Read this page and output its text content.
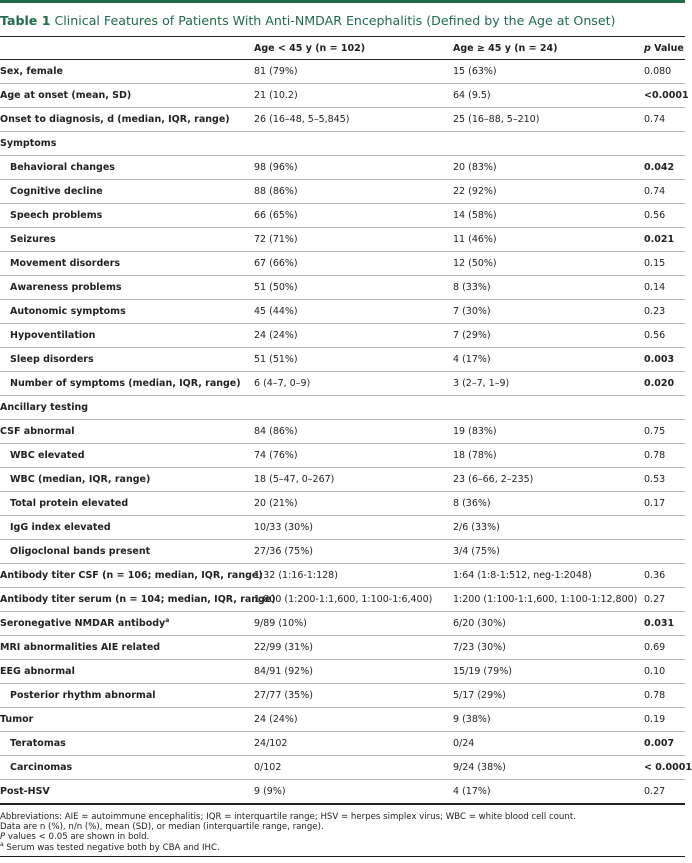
Table 1 Clinical Features of Patients With Anti-NMDAR Encephalitis (Defined by the Age at Onset)
	Age < 45 y (n = 102)	Age ≥ 45 y (n = 24)	p Value
Sex, female	81 (79%)	15 (63%)	0.080
Age at onset (mean, SD)	21 (10.2)	64 (9.5)	<0.0001
Onset to diagnosis, d (median, IQR, range)	26 (16–48, 5–5,845)	25 (16–88, 5–210)	0.74
Symptoms			
Behavioral changes	98 (96%)	20 (83%)	0.042
Cognitive decline	88 (86%)	22 (92%)	0.74
Speech problems	66 (65%)	14 (58%)	0.56
Seizures	72 (71%)	11 (46%)	0.021
Movement disorders	67 (66%)	12 (50%)	0.15
Awareness problems	51 (50%)	8 (33%)	0.14
Autonomic symptoms	45 (44%)	7 (30%)	0.23
Hypoventilation	24 (24%)	7 (29%)	0.56
Sleep disorders	51 (51%)	4 (17%)	0.003
Number of symptoms (median, IQR, range)	6 (4–7, 0–9)	3 (2–7, 1–9)	0.020
Ancillary testing			
CSF abnormal	84 (86%)	19 (83%)	0.75
WBC elevated	74 (76%)	18 (78%)	0.78
WBC (median, IQR, range)	18 (5–47, 0–267)	23 (6–66, 2–235)	0.53
Total protein elevated	20 (21%)	8 (36%)	0.17
IgG index elevated	10/33 (30%)	2/6 (33%)	
Oligoclonal bands present	27/36 (75%)	3/4 (75%)	
Antibody titer CSF (n = 106; median, IQR, range)	1:32 (1:16-1:128)	1:64 (1:8-1:512, neg-1:2048)	0.36
Antibody titer serum (n = 104; median, IQR, range)	1:800 (1:200-1:1,600, 1:100-1:6,400)	1:200 (1:100-1:1,600, 1:100-1:12,800)	0.27
Seronegative NMDAR antibody$^a$	9/89 (10%)	6/20 (30%)	0.031
MRI abnormalities AIE related	22/99 (31%)	7/23 (30%)	0.69
EEG abnormal	84/91 (92%)	15/19 (79%)	0.10
Posterior rhythm abnormal	27/77 (35%)	5/17 (29%)	0.78
Tumor	24 (24%)	9 (38%)	0.19
Teratomas	24/102	0/24	0.007
Carcinomas	0/102	9/24 (38%)	< 0.0001
Post-HSV	9 (9%)	4 (17%)	0.27
Abbreviations: AIE = autoimmune encephalitis; IQR = interquartile range; HSV = herpes simplex virus; WBC = white blood cell count.
Data are n (%), n/n (%), mean (SD), or median (interquartile range, range).
P values < 0.05 are shown in bold.
$^a$ Serum was tested negative both by CBA and IHC.
